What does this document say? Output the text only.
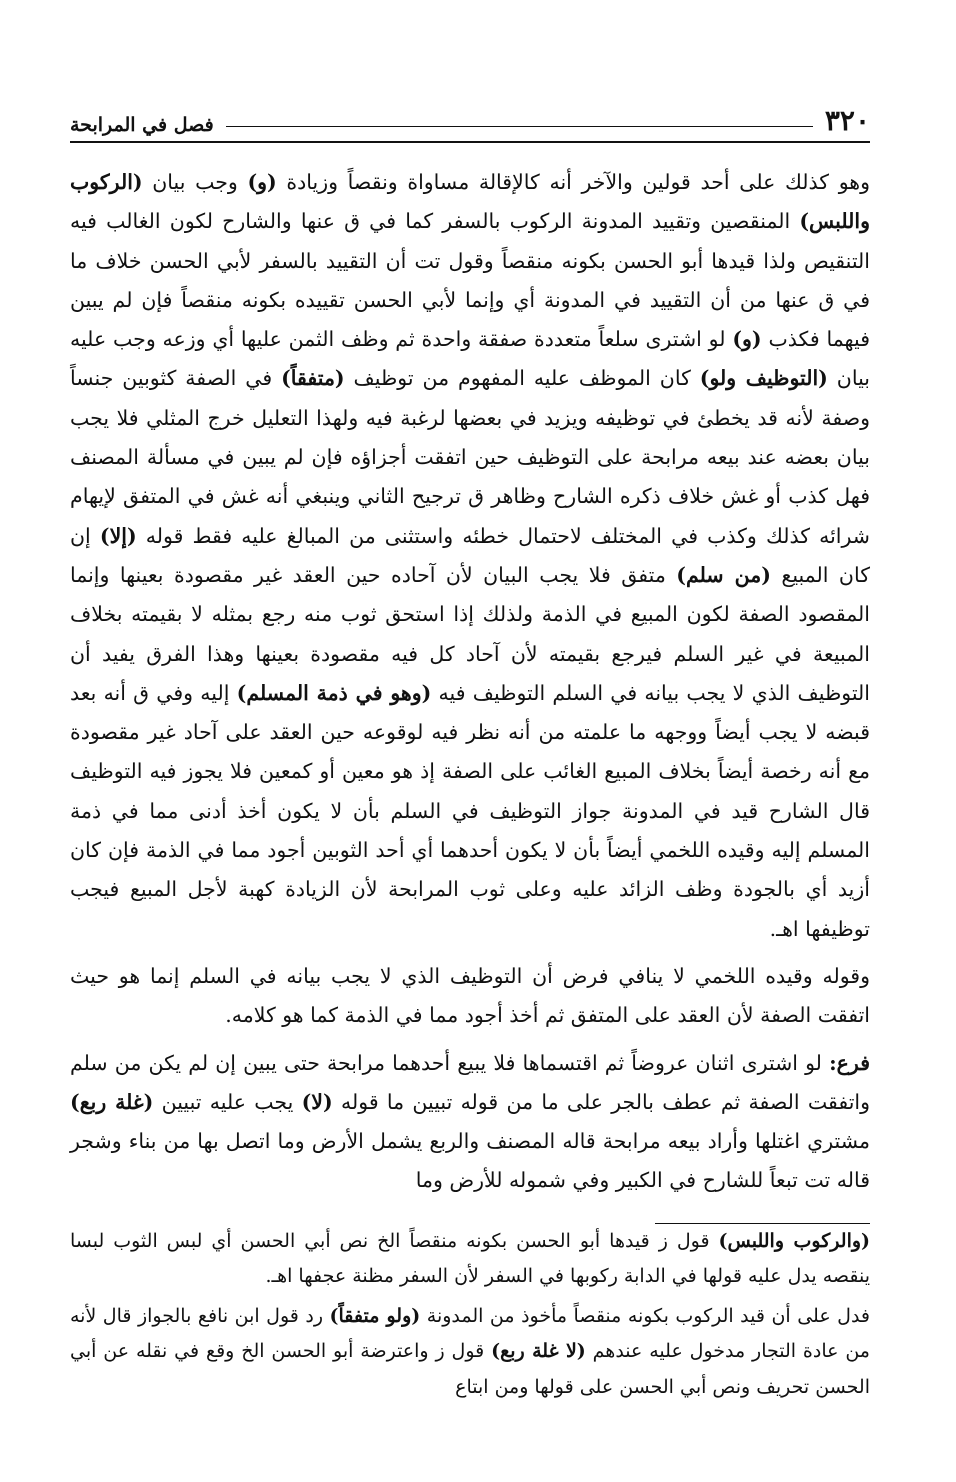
٣٢٠
فصل في المرابحة

وهو كذلك على أحد قولين والآخر أنه كالإقالة مساواة ونقصاً وزيادة (و) وجب بيان (الركوب واللبس) المنقصين وتقييد المدونة الركوب بالسفر كما في ق عنها والشارح لكون الغالب فيه التنقيص ولذا قيدها أبو الحسن بكونه منقصاً وقول تت أن التقييد بالسفر لأبي الحسن خلاف ما في ق عنها من أن التقييد في المدونة أي وإنما لأبي الحسن تقييده بكونه منقصاً فإن لم يبين فيهما فكذب (و) لو اشترى سلعاً متعددة صفقة واحدة ثم وظف الثمن عليها أي وزعه وجب عليه بيان (التوظيف ولو) كان الموظف عليه المفهوم من توظيف (متفقاً) في الصفة كثوبين جنساً وصفة لأنه قد يخطئ في توظيفه ويزيد في بعضها لرغبة فيه ولهذا التعليل خرج المثلي فلا يجب بيان بعضه عند بيعه مرابحة على التوظيف حين اتفقت أجزاؤه فإن لم يبين في مسألة المصنف فهل كذب أو غش خلاف ذكره الشارح وظاهر ق ترجيح الثاني وينبغي أنه غش في المتفق لإيهام شرائه كذلك وكذب في المختلف لاحتمال خطئه واستثنى من المبالغ عليه فقط قوله (إلا) إن كان المبيع (من سلم) متفق فلا يجب البيان لأن آحاده حين العقد غير مقصودة بعينها وإنما المقصود الصفة لكون المبيع في الذمة ولذلك إذا استحق ثوب منه رجع بمثله لا بقيمته بخلاف المبيعة في غير السلم فيرجع بقيمته لأن آحاد كل فيه مقصودة بعينها وهذا الفرق يفيد أن التوظيف الذي لا يجب بيانه في السلم التوظيف فيه (وهو في ذمة المسلم) إليه وفي ق أنه بعد قبضه لا يجب أيضاً ووجهه ما علمته من أنه نظر فيه لوقوعه حين العقد على آحاد غير مقصودة مع أنه رخصة أيضاً بخلاف المبيع الغائب على الصفة إذ هو معين أو كمعين فلا يجوز فيه التوظيف قال الشارح قيد في المدونة جواز التوظيف في السلم بأن لا يكون أخذ أدنى مما في ذمة المسلم إليه وقيده اللخمي أيضاً بأن لا يكون أحدهما أي أحد الثوبين أجود مما في الذمة فإن كان أزيد أي بالجودة وظف الزائد عليه وعلى ثوب المرابحة لأن الزيادة كهبة لأجل المبيع فيجب توظيفها اهـ.

وقوله وقيده اللخمي لا ينافي فرض أن التوظيف الذي لا يجب بيانه في السلم إنما هو حيث اتفقت الصفة لأن العقد على المتفق ثم أخذ أجود مما في الذمة كما هو كلامه.

فرع: لو اشترى اثنان عروضاً ثم اقتسماها فلا يبيع أحدهما مرابحة حتى يبين إن لم يكن من سلم واتفقت الصفة ثم عطف بالجر على ما من قوله تبيين ما قوله (لا) يجب عليه تبيين (غلة ربع) مشتري اغتلها وأراد بيعه مرابحة قاله المصنف والربع يشمل الأرض وما اتصل بها من بناء وشجر قاله تت تبعاً للشارح في الكبير وفي شموله للأرض وما

(والركوب واللبس) قول ز قيدها أبو الحسن بكونه منقصاً الخ نص أبي الحسن أي لبس الثوب لبسا ينقصه يدل عليه قولها في الدابة ركوبها في السفر لأن السفر مظنة عجفها اهـ.

فدل على أن قيد الركوب بكونه منقصاً مأخوذ من المدونة (ولو متفقاً) رد قول ابن نافع بالجواز قال لأنه من عادة التجار مدخول عليه عندهم (لا غلة ربع) قول ز واعترضة أبو الحسن الخ وقع في نقله عن أبي الحسن تحريف ونص أبي الحسن على قولها ومن ابتاع
